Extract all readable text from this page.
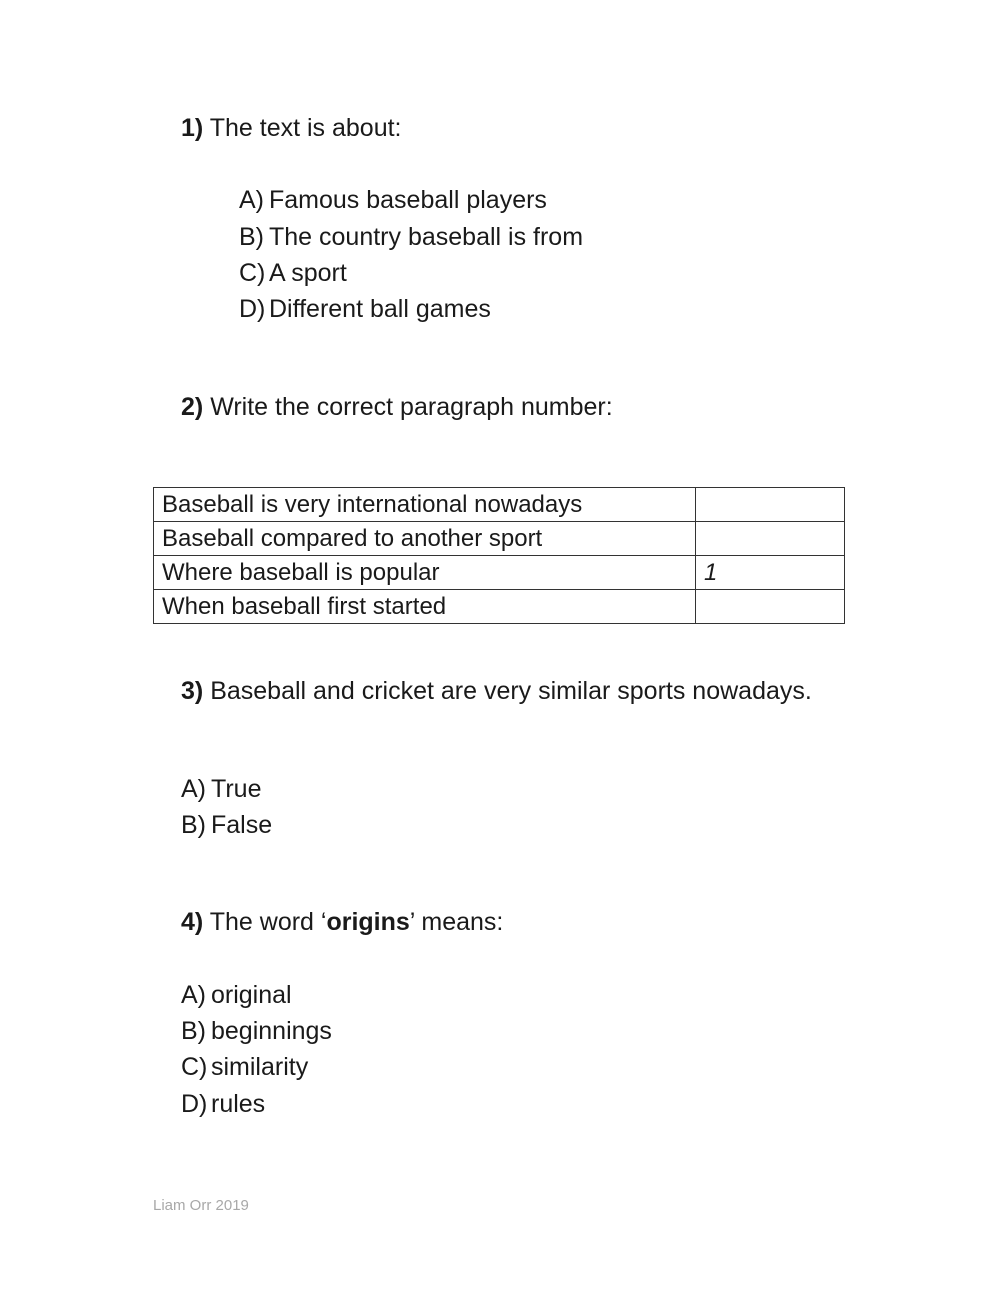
1) The text is about:
A) Famous baseball players
B) The country baseball is from
C) A sport
D) Different ball games
2) Write the correct paragraph number:
Baseball is very international nowadays	
Baseball compared to another sport	
Where baseball is popular	1
When baseball first started	
3) Baseball and cricket are very similar sports nowadays.
A) True
B) False
4) The word ‘origins’ means:
A) original
B) beginnings
C) similarity
D) rules
Liam Orr 2019
